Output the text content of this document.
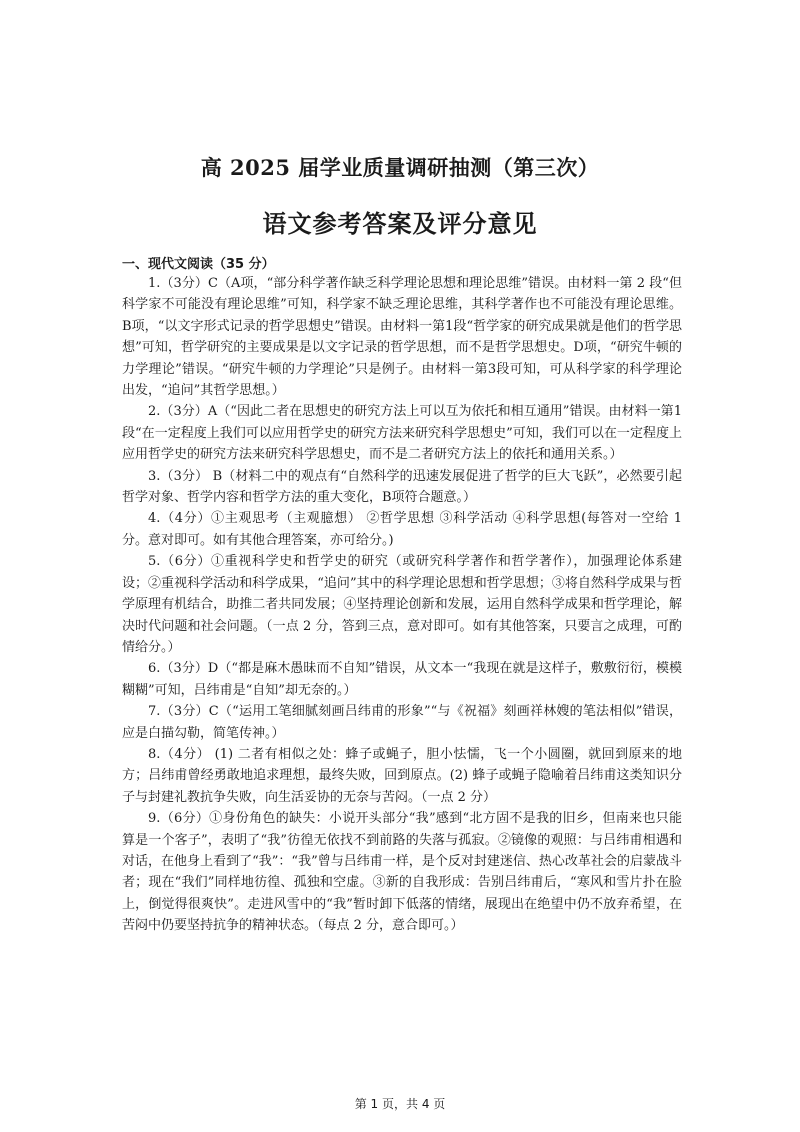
高 2025 届学业质量调研抽测（第三次）
语文参考答案及评分意见
一、现代文阅读（35 分）

1.（3分）C（A项，“部分科学著作缺乏科学理论思想和理论思维”错误。由材料一第 2 段“但科学家不可能没有理论思维”可知，科学家不缺乏理论思维，其科学著作也不可能没有理论思维。B项，“以文字形式记录的哲学思想史”错误。由材料一第1段“哲学家的研究成果就是他们的哲学思想”可知，哲学研究的主要成果是以文字记录的哲学思想，而不是哲学思想史。D项，“研究牛顿的力学理论”错误。“研究牛顿的力学理论”只是例子。由材料一第3段可知，可从科学家的科学理论出发，“追问”其哲学思想。）

2.（3分）A（“因此二者在思想史的研究方法上可以互为依托和相互通用”错误。由材料一第1段“在一定程度上我们可以应用哲学史的研究方法来研究科学思想史”可知，我们可以在一定程度上应用哲学史的研究方法来研究科学思想史，而不是二者研究方法上的依托和通用关系。）

3.（3分） B（材料二中的观点有“自然科学的迅速发展促进了哲学的巨大飞跃”，必然要引起哲学对象、哲学内容和哲学方法的重大变化，B项符合题意。）

4.（4分）①主观思考（主观臆想） ②哲学思想 ③科学活动 ④科学思想(每答对一空给 1 分。意对即可。如有其他合理答案，亦可给分。)

5.（6分）①重视科学史和哲学史的研究（或研究科学著作和哲学著作），加强理论体系建设；②重视科学活动和科学成果，“追问”其中的科学理论思想和哲学思想；③将自然科学成果与哲学原理有机结合，助推二者共同发展；④坚持理论创新和发展，运用自然科学成果和哲学理论，解决时代问题和社会问题。（一点 2 分，答到三点，意对即可。如有其他答案，只要言之成理，可酌情给分。）

6.（3分）D（“都是麻木愚昧而不自知”错误，从文本一“我现在就是这样子，敷敷衍衍，模模糊糊”可知，吕纬甫是“自知”却无奈的。）

7.（3分）C（“运用工笔细腻刻画吕纬甫的形象”“与《祝福》刻画祥林嫂的笔法相似”错误，应是白描勾勒，简笔传神。）

8.（4分） (1) 二者有相似之处：蜂子或蝇子，胆小怯懦，飞一个小圆圈，就回到原来的地方；吕纬甫曾经勇敢地追求理想，最终失败，回到原点。(2) 蜂子或蝇子隐喻着吕纬甫这类知识分子与封建礼教抗争失败，向生活妥协的无奈与苦闷。（一点 2 分）

9.（6分）①身份角色的缺失：小说开头部分“我”感到“北方固不是我的旧乡，但南来也只能算是一个客子”，表明了“我”彷徨无依找不到前路的失落与孤寂。②镜像的观照：与吕纬甫相遇和对话，在他身上看到了“我”：“我”曾与吕纬甫一样，是个反对封建迷信、热心改革社会的启蒙战斗者；现在“我们”同样地彷徨、孤独和空虚。③新的自我形成：告别吕纬甫后，“寒风和雪片扑在脸上，倒觉得很爽快”。走进风雪中的“我”暂时卸下低落的情绪，展现出在绝望中仍不放弃希望，在苦闷中仍要坚持抗争的精神状态。（每点 2 分，意合即可。）

第 1 页，共 4 页
